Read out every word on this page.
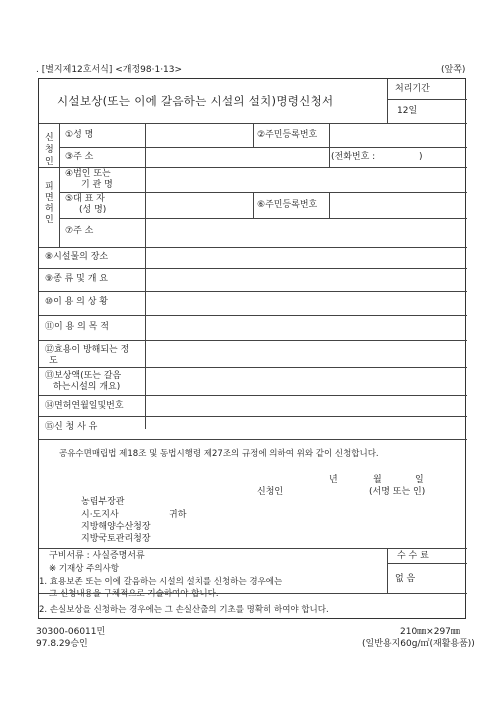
. [별지제12호서식] <개정98·1·13>	(앞쪽)
시설보상(또는 이에 갈음하는 시설의 설치)명령신청서
처리기간
12일
신
청
인
①성 명	②주민등록번호
③주 소	(전화번호 :	)
피
면
허
인
④법인 또는
기 관 명
⑤대 표 자
(성 명)	⑥주민등록번호
⑦주 소
⑧시설물의 장소
⑨종 류 및 개 요
⑩이 용 의 상 황
⑪이 용 의 목 적
⑫효용이 방해되는 정
도
⑬보상액(또는 갈음
하는시설의 개요)
⑭면허연월일및번호
⑮신 청 사 유
공유수면매립법 제18조 및 동법시행령 제27조의 규정에 의하여 위와 같이 신청합니다.
년	월	일
신청인	(서명 또는 인)
농림부장관
시·도지사	귀하
지방해양수산청장
지방국토관리청장
구비서류 : 사실증명서류	수 수 료
없 음
※ 기재상 주의사항
1. 효용보존 또는 이에 갈음하는 시설의 설치를 신청하는 경우에는
그 신청내용을 구체적으로 기술하여야 합니다.
2. 손실보상을 신청하는 경우에는 그 손실산출의 기초를 명확히 하여야 합니다.
30300-06011민
97.8.29승인
210㎜×297㎜
(일반용지60g/㎡(재활용품))
